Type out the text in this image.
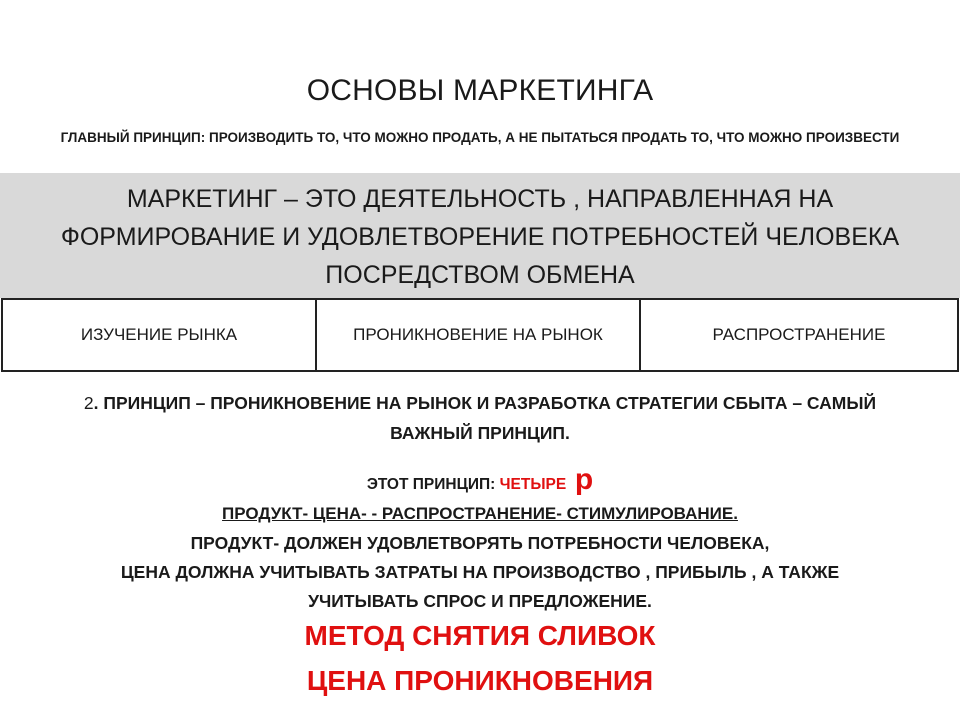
ОСНОВЫ МАРКЕТИНГА
ГЛАВНЫЙ ПРИНЦИП: ПРОИЗВОДИТЬ ТО, ЧТО МОЖНО ПРОДАТЬ, А НЕ ПЫТАТЬСЯ ПРОДАТЬ ТО, ЧТО МОЖНО ПРОИЗВЕСТИ
МАРКЕТИНГ – ЭТО ДЕЯТЕЛЬНОСТЬ , НАПРАВЛЕННАЯ НА
ФОРМИРОВАНИЕ И УДОВЛЕТВОРЕНИЕ ПОТРЕБНОСТЕЙ ЧЕЛОВЕКА
ПОСРЕДСТВОМ ОБМЕНА
ИЗУЧЕНИЕ РЫНКА	ПРОНИКНОВЕНИЕ НА РЫНОК	РАСПРОСТРАНЕНИЕ
2. ПРИНЦИП – ПРОНИКНОВЕНИЕ НА РЫНОК И РАЗРАБОТКА СТРАТЕГИИ СБЫТА – САМЫЙ
ВАЖНЫЙ ПРИНЦИП.
ЭТОТ ПРИНЦИП: ЧЕТЫРЕ р
ПРОДУКТ- ЦЕНА- - РАСПРОСТРАНЕНИЕ- СТИМУЛИРОВАНИЕ.
ПРОДУКТ- ДОЛЖЕН УДОВЛЕТВОРЯТЬ ПОТРЕБНОСТИ ЧЕЛОВЕКА,
ЦЕНА ДОЛЖНА УЧИТЫВАТЬ ЗАТРАТЫ НА ПРОИЗВОДСТВО , ПРИБЫЛЬ , А ТАКЖЕ
УЧИТЫВАТЬ СПРОС И ПРЕДЛОЖЕНИЕ.
МЕТОД СНЯТИЯ СЛИВОК
ЦЕНА ПРОНИКНОВЕНИЯ
